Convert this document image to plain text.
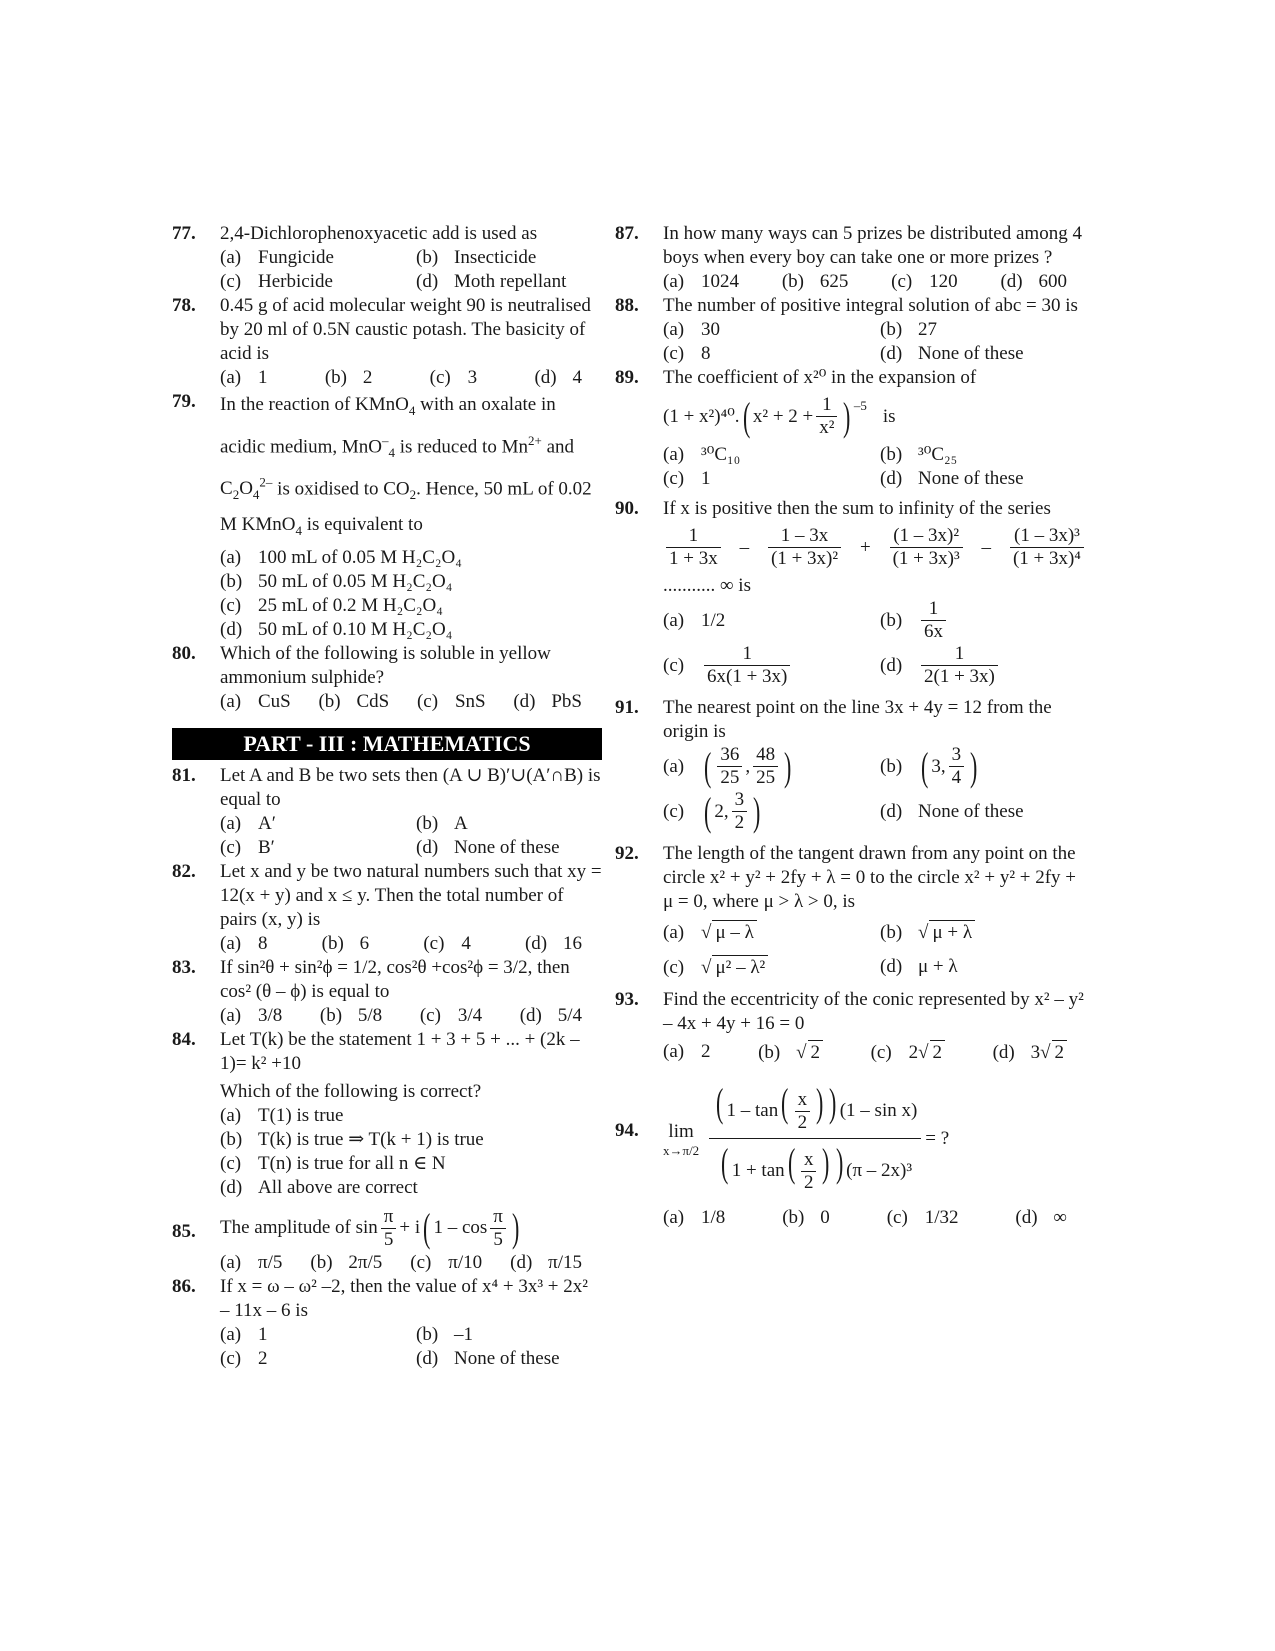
77. 2,4-Dichlorophenoxyacetic add is used as
(a) Fungicide	(b) Insecticide
(c) Herbicide	(d) Moth repellant
78. 0.45 g of acid molecular weight 90 is neutralised by 20 ml of 0.5N caustic potash. The basicity of acid is
(a) 1	(b) 2	(c) 3	(d) 4
79. In the reaction of KMnO$_4$ with an oxalate in
acidic medium, MnO–$_4$ is reduced to $Mn^{2+}$ and
$C_2O_4^{2-}$ is oxidised to $CO_2$. Hence, 50 mL of 0.02 M KMnO$_4$ is equivalent to
(a) 100 mL of 0.05 M H₂C₂O₄
(b) 50 mL of 0.05 M H₂C₂O₄
(c) 25 mL of 0.2 M H₂C₂O₄
(d) 50 mL of 0.10 M H₂C₂O₄
80. Which of the following is soluble in yellow ammonium sulphide?
(a) CuS (b) CdS (c) SnS (d) PbS
PART - III : MATHEMATICS
81. Let A and B be two sets then (A ∪ B)′∪(A′∩B) is equal to
(a) A′	(b) A
(c) B′	(d) None of these
82. Let x and y be two natural numbers such that xy = 12(x + y) and x ≤ y. Then the total number of pairs (x, y) is
(a) 8	(b) 6	(c) 4	(d) 16
83. If sin²θ + sin²ϕ = 1/2, cos²θ +cos²ϕ = 3/2, then cos² (θ – ϕ) is equal to
(a) 3/8 (b) 5/8 (c) 3/4 (d) 5/4
84. Let T(k) be the statement 1 + 3 + 5 + ... + (2k – 1)= k² +10
Which of the following is correct?
(a) T(1) is true
(b) T(k) is true ⇒ T(k + 1) is true
(c) T(n) is true for all n ∈ N
(d) All above are correct
85. The amplitude of $\sin \frac{\pi}{5} + i$ ( $1 - \cos \frac{\pi}{5}$ )
(a) π/5 (b) 2π/5 (c) π/10 (d) π/15
86. If x = ω – ω² –2, then the value of x⁴ + 3x³ + 2x² – 11x – 6 is
(a) 1	(b) –1
(c) 2	(d) None of these
87. In how many ways can 5 prizes be distributed among 4 boys when every boy can take one or more prizes ?
(a) 1024 (b) 625 (c) 120 (d) 600
88. The number of positive integral solution of abc = 30 is
(a) 30	(b) 27
(c) 8	(d) None of these
89. The coefficient of x²⁰ in the expansion of
(1 + x²)⁴⁰. ( $x^2 + 2 + \frac{1}{\text{x²}} )^{-5}$ is
(a) ³⁰C₁₀	(b) ³⁰C₂₅
(c) 1	(d) None of these
90. If x is positive then the sum to infinity of the series
$\frac{1}{1 + 3x} - \frac{1 - 3x}{\text{(1 + 3x)²}} + \frac{\text{(1 – 3x)²}}{\text{(1 + 3x)³}} - \frac{\text{(1 – 3x)³}}{\text{(1 + 3x)⁴}}$
........... ∞ is
(a) 1/2	$(b) \frac{1}{6x}$
(c)	$\frac{1}{6x(1 + 3x)}$	$(d) \frac{1}{2(1 + 3x)}$
91. The nearest point on the line 3x + 4y = 12 from the origin is
(a) ( $\frac{36}{25}$ , $\frac{48}{25}$ )	(b) ( 3, $\frac{3}{4}$ )
(c) ( 2, $\frac{3}{2}$ )	(d) None of these
92. The length of the tangent drawn from any point on the circle x² + y² + 2fy + λ = 0 to the circle x² + y² + 2fy + μ = 0, where μ > λ > 0, is
(a) √ μ – λ	(b) √ μ + λ
(c) √ μ² – λ²	(d) μ + λ
93. Find the eccentricity of the conic represented by x² – y² – 4x + 4y + 16 = 0
(a) 2	(b) √ 2	(c) 2√ 2	(d) 3√ 2
94. lim
$x\to\pi/2 \frac{( 1 - \tan( \frac{x}{2} ) ) (1 - \sin x)}{( 1 + \tan( \frac{x}{2} ) ) (\pi - 2x)^3}$ = ?
(a) 1/8	(b) 0	(c) 1/32	(d) ∞
